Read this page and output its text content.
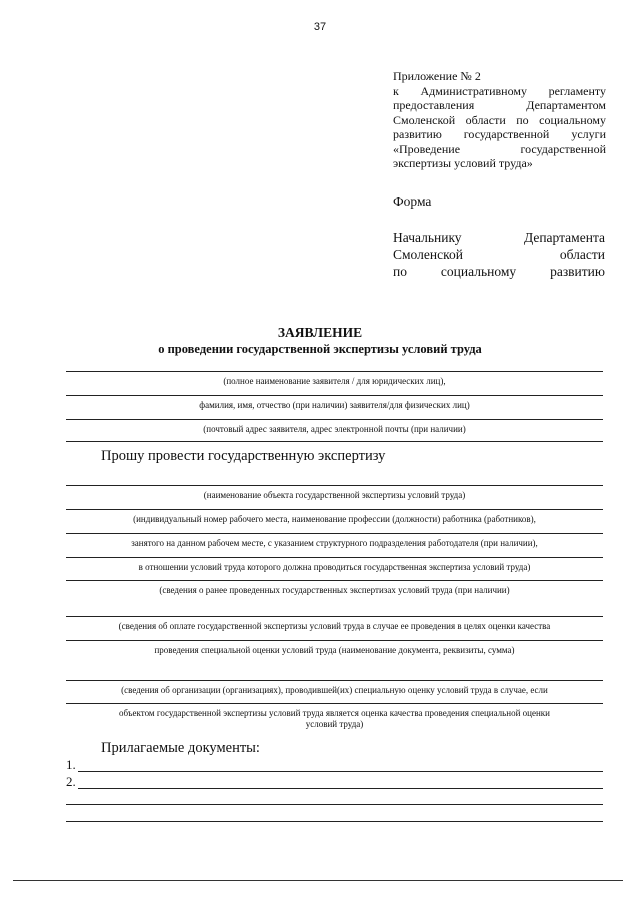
37
Приложение № 2
к Административному регламенту
предоставления Департаментом
Смоленской области по социальному
развитию государственной услуги
«Проведение государственной
экспертизы условий труда»
Форма
Начальнику Департамента
Смоленской области
по социальному развитию
ЗАЯВЛЕНИЕ
о проведении государственной экспертизы условий труда
(полное наименование заявителя / для юридических лиц),
фамилия, имя, отчество (при наличии) заявителя/для физических лиц)
(почтовый адрес заявителя, адрес электронной почты (при наличии)
Прошу провести государственную экспертизу
(наименование объекта государственной экспертизы условий труда)
(индивидуальный номер рабочего места, наименование профессии (должности) работника (работников),
занятого на данном рабочем месте, с указанием структурного подразделения работодателя (при наличии),
в отношении условий труда которого должна проводиться государственная экспертиза условий труда)
(сведения о ранее проведенных государственных экспертизах условий труда (при наличии)
(сведения об оплате государственной экспертизы условий труда в случае ее проведения в целях оценки качества
проведения специальной оценки условий труда (наименование документа, реквизиты, сумма)
(сведения об организации (организациях), проводившей(их) специальную оценку условий труда в случае, если
объектом государственной экспертизы условий труда является оценка качества проведения специальной оценки
условий труда)
Прилагаемые документы:
1.
2.
